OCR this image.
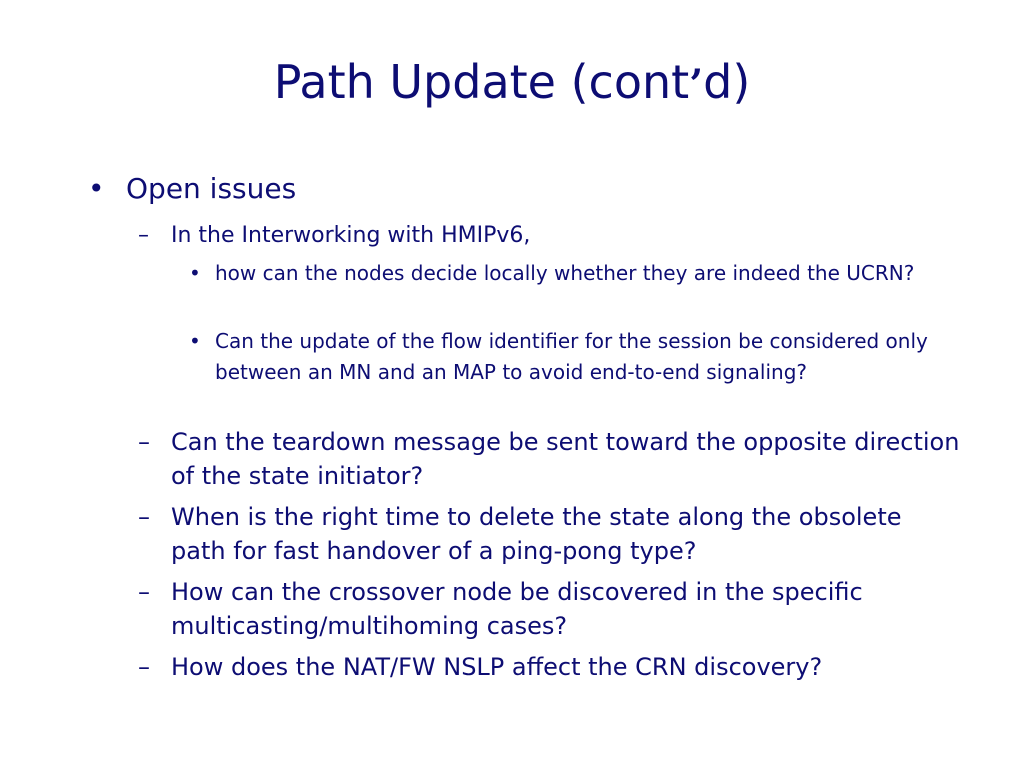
Path Update (cont’d)
• Open issues
– In the Interworking with HMIPv6,
• how can the nodes decide locally whether they are indeed the UCRN?
• Can the update of the flow identifier for the session be considered only between an MN and an MAP to avoid end-to-end signaling?
– Can the teardown message be sent toward the opposite direction of the state initiator?
– When is the right time to delete the state along the obsolete path for fast handover of a ping-pong type?
– How can the crossover node be discovered in the specific multicasting/multihoming cases?
– How does the NAT/FW NSLP affect the CRN discovery?
